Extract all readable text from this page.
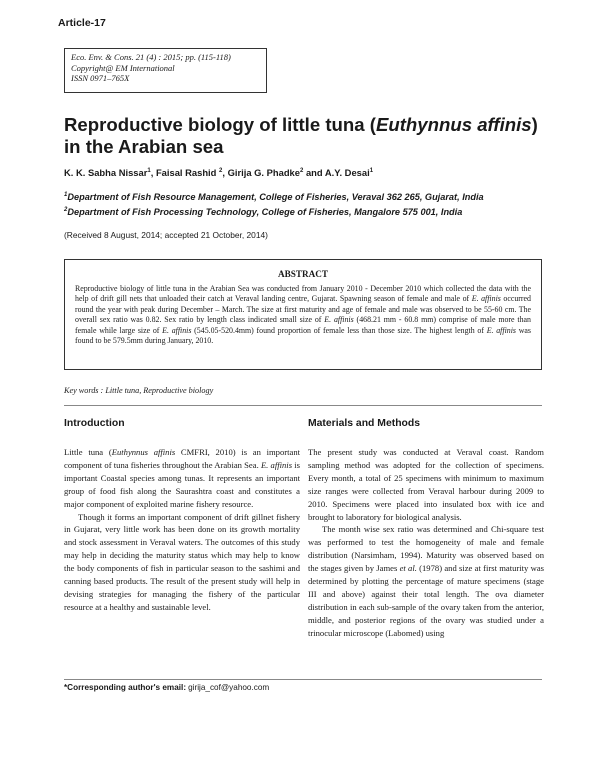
Article-17
Eco. Env. & Cons. 21 (4) : 2015; pp. (115-118)
Copyright@ EM International
ISSN 0971–765X
Reproductive biology of little tuna (Euthynnus affinis)
in the Arabian sea
K. K. Sabha Nissar$^1$, Faisal Rashid $^2$, Girija G. Phadke$^2$ and A.Y. Desai$^1$
$^1$Department of Fish Resource Management, College of Fisheries, Veraval 362 265, Gujarat, India
$^2$Department of Fish Processing Technology, College of Fisheries, Mangalore 575 001, India
(Received 8 August, 2014; accepted 21 October, 2014)
ABSTRACT

Reproductive biology of little tuna in the Arabian Sea was conducted from January 2010 - December 2010 which collected the data with the help of drift gill nets that unloaded their catch at Veraval landing centre, Gujarat. Spawning season of female and male of E. affinis occurred round the year with peak during December – March. The size at first maturity and age of female and male was observed to be 55-60 cm. The overall sex ratio was 0.82. Sex ratio by length class indicated small size of E. affinis (468.21 mm - 60.8 mm) comprise of male more than female while large size of E. affinis (545.05-520.4mm) found proportion of female less than those size. The highest length of E. affinis was found to be 579.5mm during January, 2010.

Key words : Little tuna, Reproductive biology
Introduction

Little tuna (Euthynnus affinis CMFRI, 2010) is an important component of tuna fisheries throughout the Arabian Sea. E. affinis is important Coastal species among tunas. It represents an important group of food fish along the Saurashtra coast and constitutes a major component of exploited marine fishery resource.

Though it forms an important component of drift gillnet fishery in Gujarat, very little work has been done on its growth mortality and stock assessment in Veraval waters. The outcomes of this study may help in deciding the maturity status which may help to know the body components of fish in particular season to the sashimi and canning based products. The result of the present study will help in devising strategies for managing the fishery of the particular resource at a healthy and sustainable level.

Materials and Methods

The present study was conducted at Veraval coast. Random sampling method was adopted for the collection of specimens. Every month, a total of 25 specimens with minimum to maximum size ranges were collected from Veraval harbour during 2009 to 2010. Specimens were placed into insulated box with ice and brought to laboratory for biological analysis.

The month wise sex ratio was determined and Chi-square test was performed to test the homogeneity of male and female distribution (Narsimham, 1994). Maturity was observed based on the stages given by James et al. (1978) and size at first maturity was determined by plotting the percentage of mature specimens (stage III and above) against their total length. The ova diameter distribution in each sub-sample of the ovary taken from the anterior, middle, and posterior regions of the ovary was studied under a trinocular microscope (Labomed) using

*Corresponding author's email: girija_cof@yahoo.com
